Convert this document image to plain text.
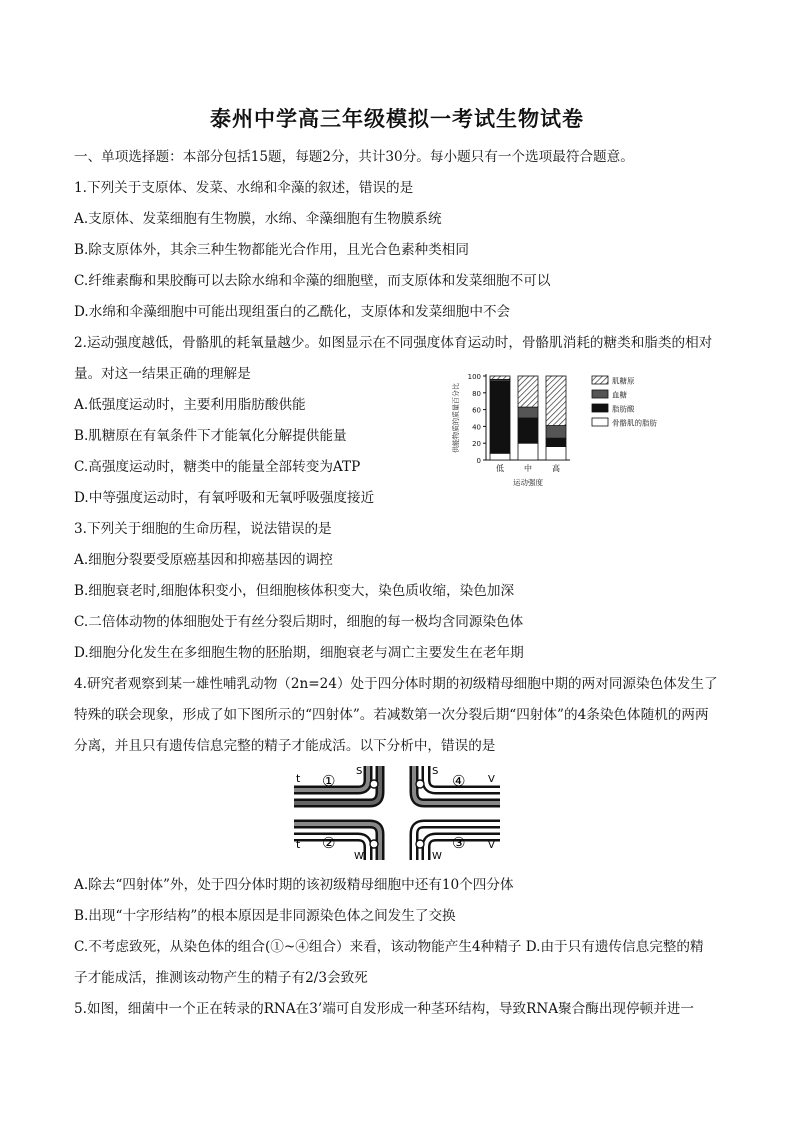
泰州中学高三年级模拟一考试生物试卷
一、单项选择题：本部分包括15题，每题2分，共计30分。每小题只有一个选项最符合题意。
1.下列关于支原体、发菜、水绵和伞藻的叙述，错误的是
A.支原体、发菜细胞有生物膜，水绵、伞藻细胞有生物膜系统
B.除支原体外，其余三种生物都能光合作用，且光合色素种类相同
C.纤维素酶和果胶酶可以去除水绵和伞藻的细胞壁，而支原体和发菜细胞不可以
D.水绵和伞藻细胞中可能出现组蛋白的乙酰化，支原体和发菜细胞中不会
2.运动强度越低，骨骼肌的耗氧量越少。如图显示在不同强度体育运动时，骨骼肌消耗的糖类和脂类的相对
量。对这一结果正确的理解是
A.低强度运动时，主要利用脂肪酸供能
B.肌糖原在有氧条件下才能氧化分解提供能量
C.高强度运动时，糖类中的能量全部转变为ATP
D.中等强度运动时，有氧呼吸和无氧呼吸强度接近
0
20
40
60
80
100
供能物质的质量百分比
低	中	高
运动强度
肌糖原
血糖
脂肪酸
骨骼肌的脂肪
3.下列关于细胞的生命历程，说法错误的是
A.细胞分裂要受原癌基因和抑癌基因的调控
B.细胞衰老时,细胞体积变小，但细胞核体积变大，染色质收缩，染色加深
C.二倍体动物的体细胞处于有丝分裂后期时，细胞的每一极均含同源染色体
D.细胞分化发生在多细胞生物的胚胎期，细胞衰老与凋亡主要发生在老年期
4.研究者观察到某一雄性哺乳动物（2n=24）处于四分体时期的初级精母细胞中期的两对同源染色体发生了
特殊的联会现象，形成了如下图所示的“四射体”。若减数第一次分裂后期“四射体”的4条染色体随机的两两
分离，并且只有遗传信息完整的精子才能成活。以下分析中，错误的是
t ①
S	S
④ V
t ②
W	W
③ V
A.除去“四射体”外，处于四分体时期的该初级精母细胞中还有10个四分体
B.出现“十字形结构”的根本原因是非同源染色体之间发生了交换
C.不考虑致死，从染色体的组合(①~④组合）来看，该动物能产生4种精子 D.由于只有遗传信息完整的精
子才能成活，推测该动物产生的精子有2/3会致死
5.如图，细菌中一个正在转录的RNA在3’端可自发形成一种茎环结构，导致RNA聚合酶出现停顿并进一
